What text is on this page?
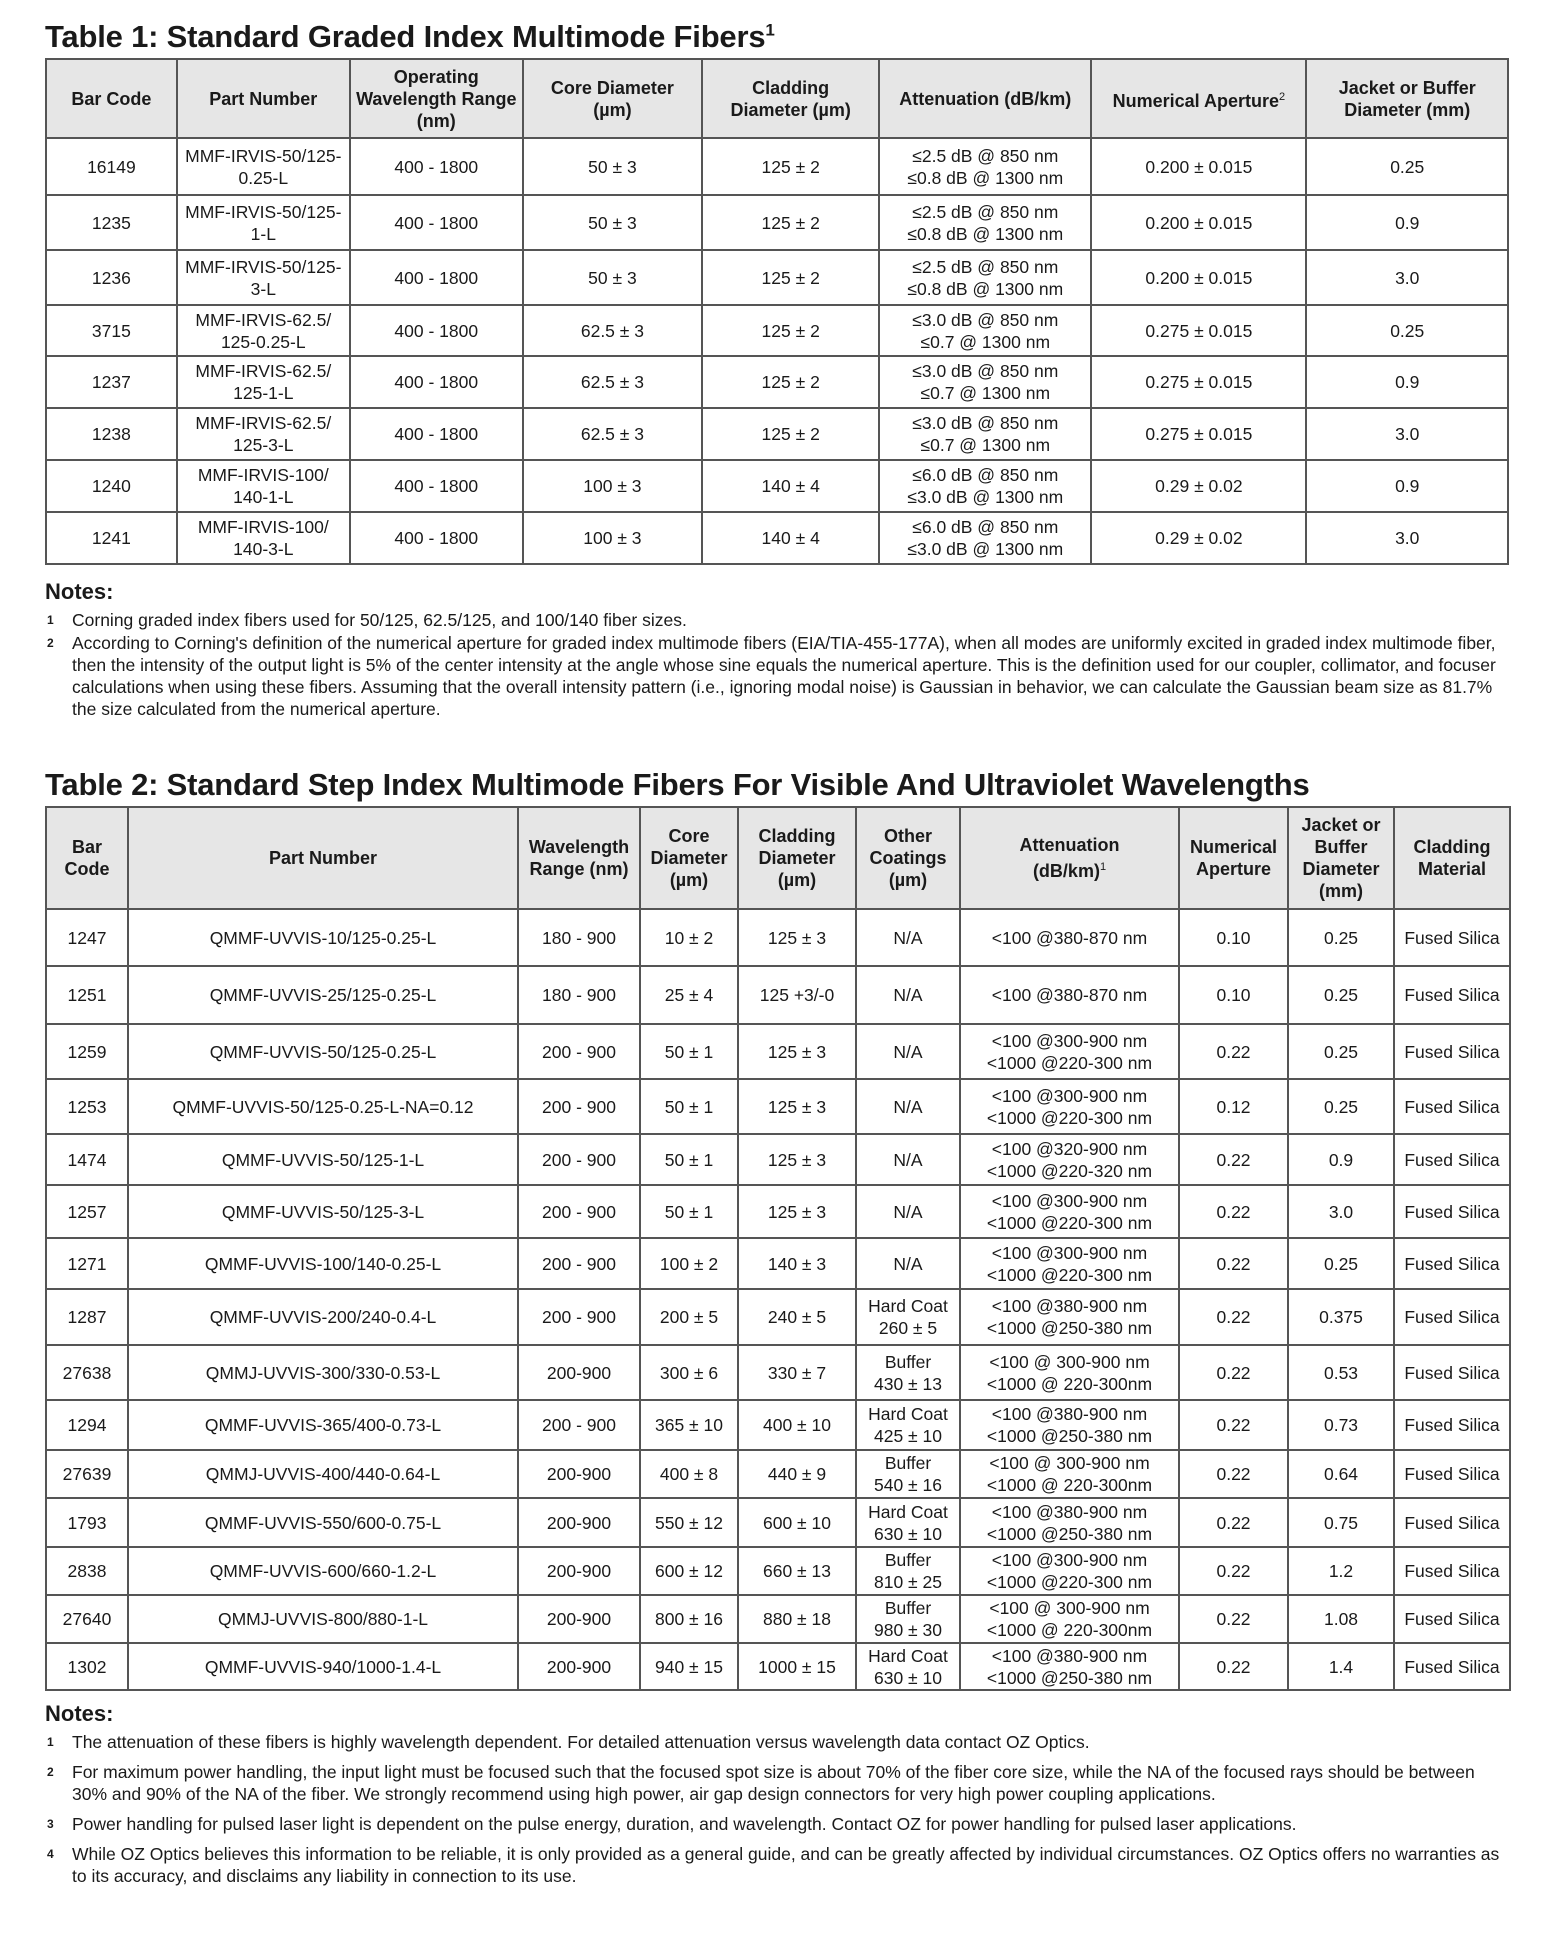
Table 1: Standard Graded Index Multimode Fibers$^1$
Bar Code	Part Number	Operating
Wavelength Range
(nm)	Core Diameter
(µm)	Cladding
Diameter (µm)	Attenuation (dB/km)	Numerical Aperture$^2$	Jacket or Buffer
Diameter (mm)
16149	MMF-IRVIS-50/125-
0.25-L	400 - 1800	50 ± 3	125 ± 2	≤2.5 dB @ 850 nm
≤0.8 dB @ 1300 nm	0.200 ± 0.015	0.25
1235	MMF-IRVIS-50/125-1-L	400 - 1800	50 ± 3	125 ± 2	≤2.5 dB @ 850 nm
≤0.8 dB @ 1300 nm	0.200 ± 0.015	0.9
1236	MMF-IRVIS-50/125-3-L	400 - 1800	50 ± 3	125 ± 2	≤2.5 dB @ 850 nm
≤0.8 dB @ 1300 nm	0.200 ± 0.015	3.0
3715	MMF-IRVIS-62.5/
125-0.25-L	400 - 1800	62.5 ± 3	125 ± 2	≤3.0 dB @ 850 nm
≤0.7 @ 1300 nm	0.275 ± 0.015	0.25
1237	MMF-IRVIS-62.5/
125-1-L	400 - 1800	62.5 ± 3	125 ± 2	≤3.0 dB @ 850 nm
≤0.7 @ 1300 nm	0.275 ± 0.015	0.9
1238	MMF-IRVIS-62.5/
125-3-L	400 - 1800	62.5 ± 3	125 ± 2	≤3.0 dB @ 850 nm
≤0.7 @ 1300 nm	0.275 ± 0.015	3.0
1240	MMF-IRVIS-100/
140-1-L	400 - 1800	100 ± 3	140 ± 4	≤6.0 dB @ 850 nm
≤3.0 dB @ 1300 nm	0.29 ± 0.02	0.9
1241	MMF-IRVIS-100/
140-3-L	400 - 1800	100 ± 3	140 ± 4	≤6.0 dB @ 850 nm
≤3.0 dB @ 1300 nm	0.29 ± 0.02	3.0
Notes:
1 Corning graded index fibers used for 50/125, 62.5/125, and 100/140 fiber sizes.
2 According to Corning's definition of the numerical aperture for graded index multimode fibers (EIA/TIA-455-177A), when all modes are uniformly excited in graded index multimode fiber, then the intensity of the output light is 5% of the center intensity at the angle whose sine equals the numerical aperture. This is the definition used for our coupler, collimator, and focuser calculations when using these fibers. Assuming that the overall intensity pattern (i.e., ignoring modal noise) is Gaussian in behavior, we can calculate the Gaussian beam size as 81.7% the size calculated from the numerical aperture.
Table 2: Standard Step Index Multimode Fibers For Visible And Ultraviolet Wavelengths
Bar
Code	Part Number	Wavelength
Range (nm)	Core
Diameter
(µm)	Cladding
Diameter
(µm)	Other
Coatings
(µm)	Attenuation
$(dB/km)^1$	Numerical
Aperture	Jacket or
Buffer
Diameter
(mm)	Cladding
Material
1247	QMMF-UVVIS-10/125-0.25-L	180 - 900	10 ± 2	125 ± 3	N/A	<100 @380-870 nm	0.10	0.25	Fused Silica
1251	QMMF-UVVIS-25/125-0.25-L	180 - 900	25 ± 4	125 +3/-0	N/A	<100 @380-870 nm	0.10	0.25	Fused Silica
1259	QMMF-UVVIS-50/125-0.25-L	200 - 900	50 ± 1	125 ± 3	N/A	<100 @300-900 nm
<1000 @220-300 nm	0.22	0.25	Fused Silica
1253	QMMF-UVVIS-50/125-0.25-L-NA=0.12	200 - 900	50 ± 1	125 ± 3	N/A	<100 @300-900 nm
<1000 @220-300 nm	0.12	0.25	Fused Silica
1474	QMMF-UVVIS-50/125-1-L	200 - 900	50 ± 1	125 ± 3	N/A	<100 @320-900 nm
<1000 @220-320 nm	0.22	0.9	Fused Silica
1257	QMMF-UVVIS-50/125-3-L	200 - 900	50 ± 1	125 ± 3	N/A	<100 @300-900 nm
<1000 @220-300 nm	0.22	3.0	Fused Silica
1271	QMMF-UVVIS-100/140-0.25-L	200 - 900	100 ± 2	140 ± 3	N/A	<100 @300-900 nm
<1000 @220-300 nm	0.22	0.25	Fused Silica
1287	QMMF-UVVIS-200/240-0.4-L	200 - 900	200 ± 5	240 ± 5	Hard Coat
260 ± 5	<100 @380-900 nm
<1000 @250-380 nm	0.22	0.375	Fused Silica
27638	QMMJ-UVVIS-300/330-0.53-L	200-900	300 ± 6	330 ± 7	Buffer
430 ± 13	<100 @ 300-900 nm
<1000 @ 220-300nm	0.22	0.53	Fused Silica
1294	QMMF-UVVIS-365/400-0.73-L	200 - 900	365 ± 10	400 ± 10	Hard Coat
425 ± 10	<100 @380-900 nm
<1000 @250-380 nm	0.22	0.73	Fused Silica
27639	QMMJ-UVVIS-400/440-0.64-L	200-900	400 ± 8	440 ± 9	Buffer
540 ± 16	<100 @ 300-900 nm
<1000 @ 220-300nm	0.22	0.64	Fused Silica
1793	QMMF-UVVIS-550/600-0.75-L	200-900	550 ± 12	600 ± 10	Hard Coat
630 ± 10	<100 @380-900 nm
<1000 @250-380 nm	0.22	0.75	Fused Silica
2838	QMMF-UVVIS-600/660-1.2-L	200-900	600 ± 12	660 ± 13	Buffer
810 ± 25	<100 @300-900 nm
<1000 @220-300 nm	0.22	1.2	Fused Silica
27640	QMMJ-UVVIS-800/880-1-L	200-900	800 ± 16	880 ± 18	Buffer
980 ± 30	<100 @ 300-900 nm
<1000 @ 220-300nm	0.22	1.08	Fused Silica
1302	QMMF-UVVIS-940/1000-1.4-L	200-900	940 ± 15	1000 ± 15	Hard Coat
630 ± 10	<100 @380-900 nm
<1000 @250-380 nm	0.22	1.4	Fused Silica
Notes:
1 The attenuation of these fibers is highly wavelength dependent. For detailed attenuation versus wavelength data contact OZ Optics.
2 For maximum power handling, the input light must be focused such that the focused spot size is about 70% of the fiber core size, while the NA of the focused rays should be between 30% and 90% of the NA of the fiber. We strongly recommend using high power, air gap design connectors for very high power coupling applications.
3 Power handling for pulsed laser light is dependent on the pulse energy, duration, and wavelength. Contact OZ for power handling for pulsed laser applications.
4 While OZ Optics believes this information to be reliable, it is only provided as a general guide, and can be greatly affected by individual circumstances. OZ Optics offers no warranties as to its accuracy, and disclaims any liability in connection to its use.
